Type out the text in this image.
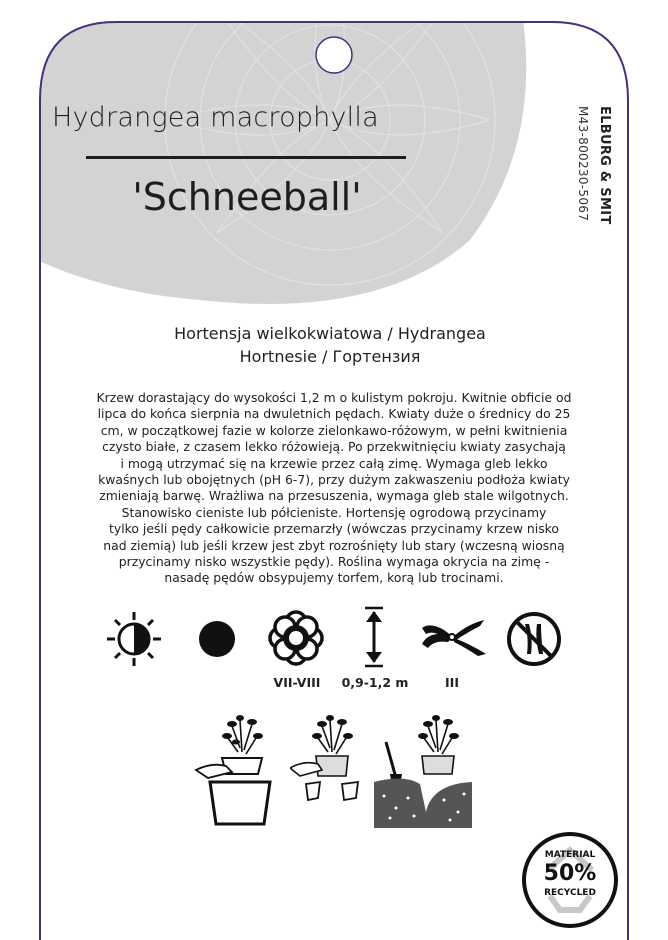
Hydrangea macrophylla
'Schneeball'	ELBURG & SMIT
M43-800230-5067
Hortensja wielkokwiatowa / Hydrangea
Hortnesie / Гортензия
Krzew dorastający do wysokości 1,2 m o kulistym pokroju. Kwitnie obficie od
lipca do końca sierpnia na dwuletnich pędach. Kwiaty duże o średnicy do 25
cm, w początkowej fazie w kolorze zielonkawo-różowym, w pełni kwitnienia
czysto białe, z czasem lekko różowieją. Po przekwitnięciu kwiaty zasychają
i mogą utrzymać się na krzewie przez całą zimę. Wymaga gleb lekko
kwaśnych lub obojętnych (pH 6-7), przy dużym zakwaszeniu podłoża kwiaty
zmieniają barwę. Wrażliwa na przesuszenia, wymaga gleb stale wilgotnych.
Stanowisko cieniste lub półcieniste. Hortensję ogrodową przycinamy
tylko jeśli pędy całkowicie przemarzły (wówczas przycinamy krzew nisko
nad ziemią) lub jeśli krzew jest zbyt rozrośnięty lub stary (wczesną wiosną
przycinamy nisko wszystkie pędy). Roślina wymaga okrycia na zimę -
nasadę pędów obsypujemy torfem, korą lub trocinami.
VII-VIII	0,9-1,2 m	III
MATERIAL
50%
RECYCLED
